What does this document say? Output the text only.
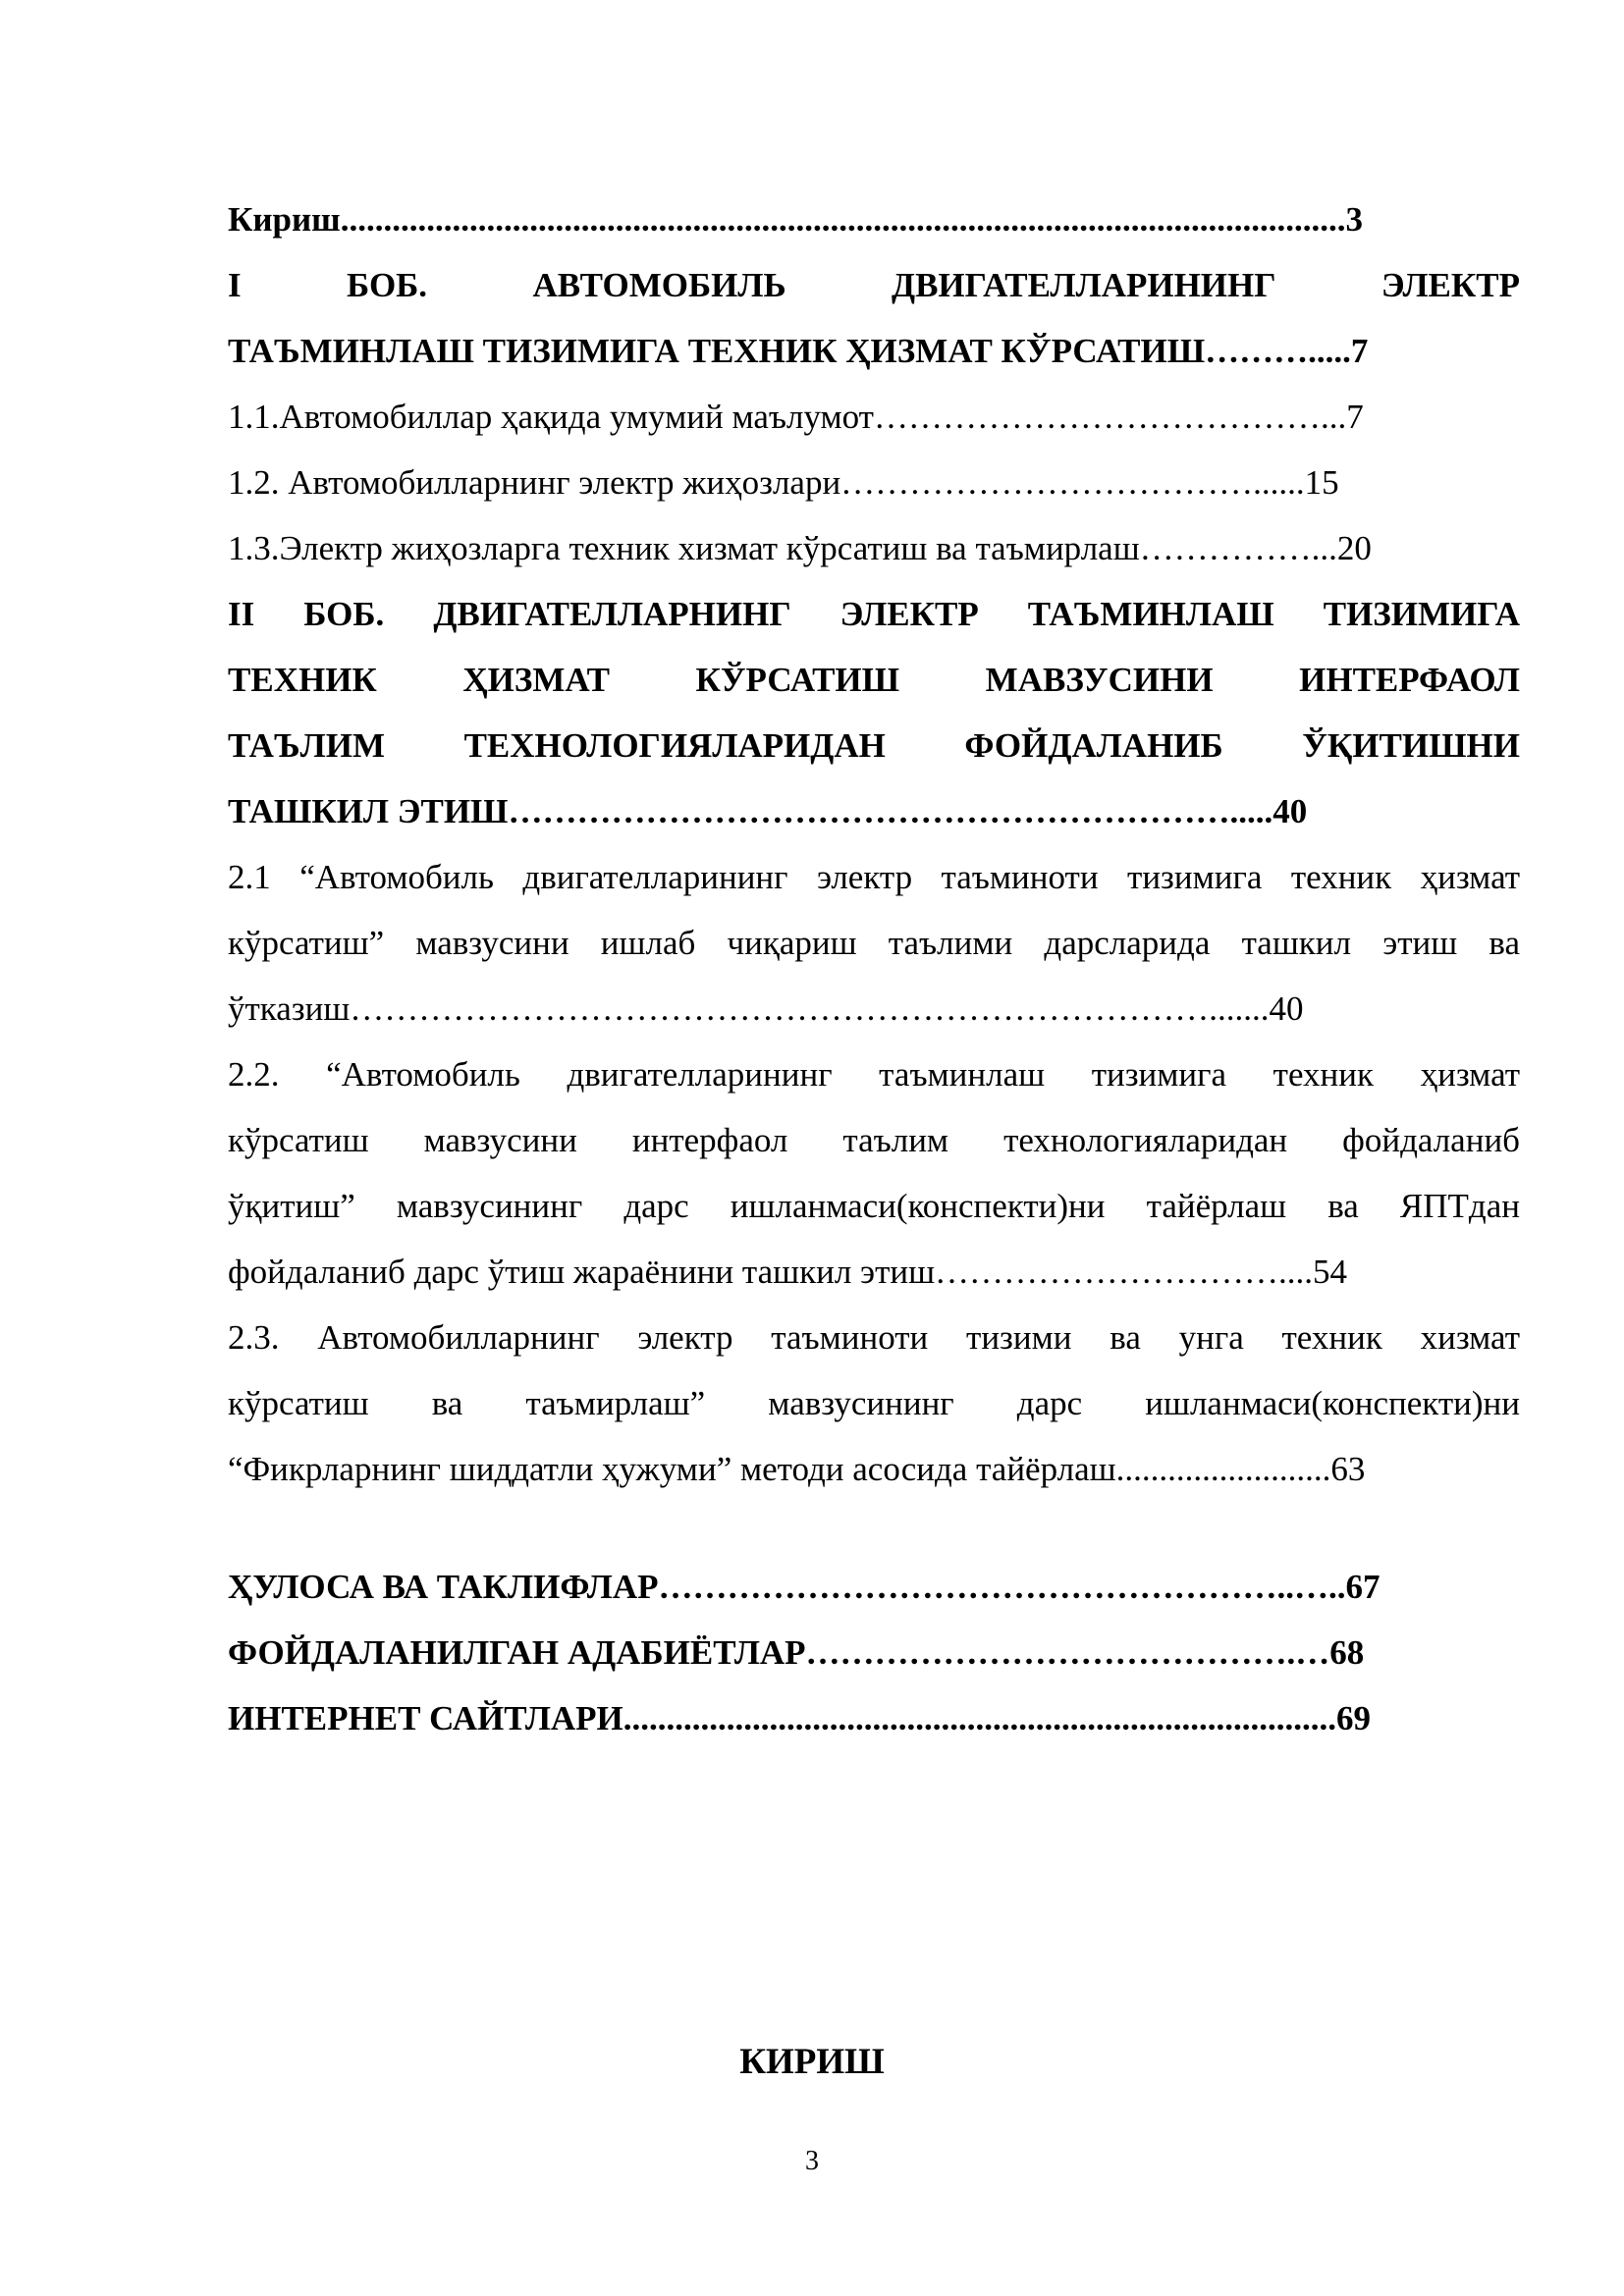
Кириш.....................................................................................................................3
I БОБ. АВТОМОБИЛЬ ДВИГАТЕЛЛАРИНИНГ ЭЛЕКТР
ТАЪМИНЛАШ ТИЗИМИГА ТЕХНИК ҲИЗМАТ КЎРСАТИШ……….....7
1.1.Автомобиллар ҳақида умумий маълумот…………………………………...7
1.2. Автомобилларнинг электр жиҳозлари………………………………......15
1.3.Электр жиҳозларга техник хизмат кўрсатиш ва таъмирлаш……………...20
II БОБ. ДВИГАТЕЛЛАРНИНГ ЭЛЕКТР ТАЪМИНЛАШ ТИЗИМИГА
ТЕХНИК ҲИЗМАТ КЎРСАТИШ МАВЗУСИНИ ИНТЕРФАОЛ
ТАЪЛИМ ТЕХНОЛОГИЯЛАРИДАН ФОЙДАЛАНИБ ЎҚИТИШНИ
ТАШКИЛ ЭТИШ……………………………………………………….....40
2.1 “Автомобиль двигателларининг электр таъминоти тизимига техник ҳизмат
кўрсатиш” мавзусини ишлаб чиқариш таълими дарсларида ташкил этиш ва
ўтказиш………………………………………………………………….......40
2.2. “Автомобиль двигателларининг таъминлаш тизимига техник ҳизмат
кўрсатиш мавзусини интерфаол таълим технологияларидан фойдаланиб
ўқитиш” мавзусининг дарс ишланмаси(конспекти)ни тайёрлаш ва ЯПТдан
фойдаланиб дарс ўтиш жараёнини ташкил этиш…………………………....54
2.3. Автомобилларнинг электр таъминоти тизими ва унга техник хизмат
кўрсатиш ва таъмирлаш” мавзусининг дарс ишланмаси(конспекти)ни
“Фикрларнинг шиддатли ҳужуми” методи асосида тайёрлаш.........................63
ҲУЛОСА ВА ТАКЛИФЛАР………………………………………………..…..67
ФОЙДАЛАНИЛГАН АДАБИЁТЛАР…………………………………….…68
ИНТЕРНЕТ САЙТЛАРИ...................................................................................69
КИРИШ
3
